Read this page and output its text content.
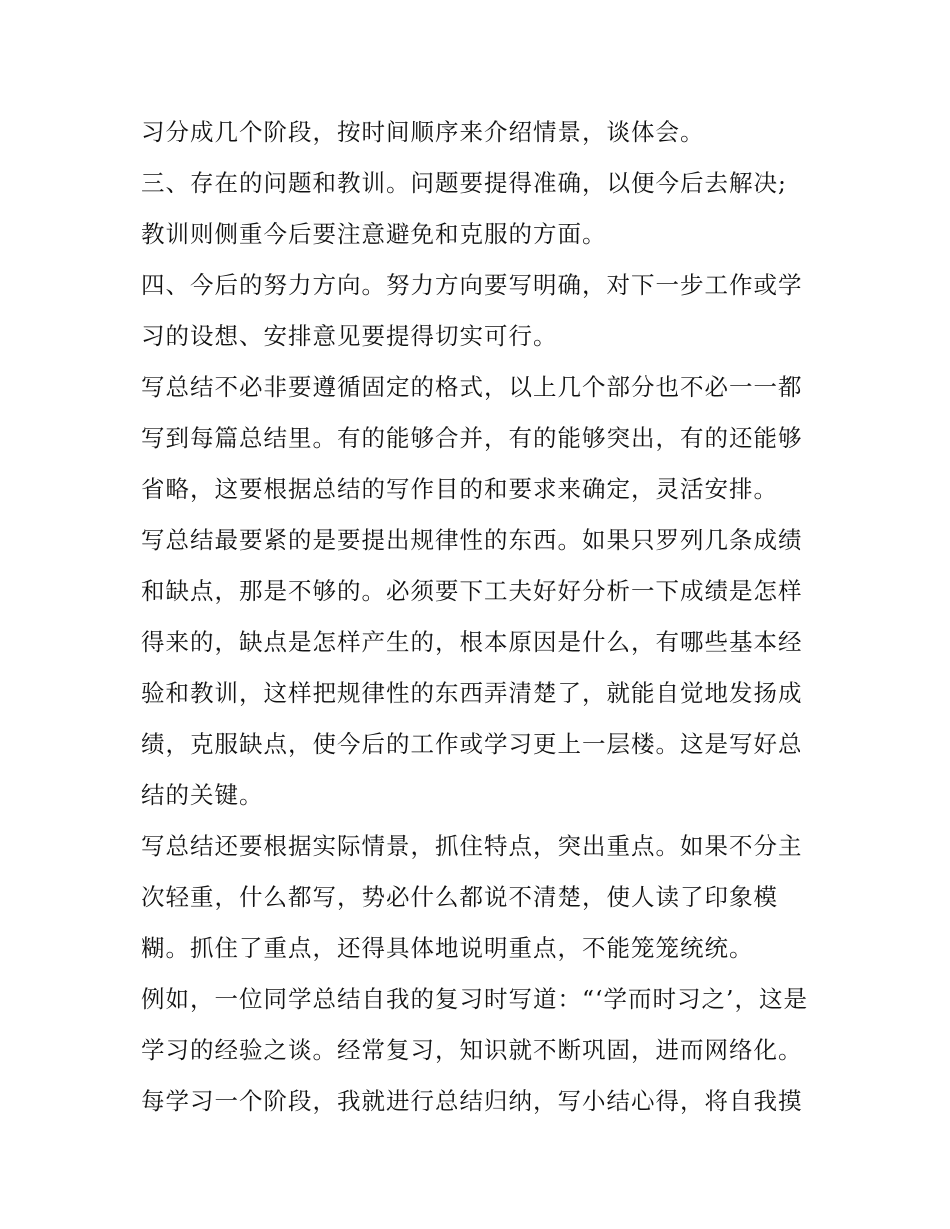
习分成几个阶段，按时间顺序来介绍情景，谈体会。
三、存在的问题和教训。问题要提得准确，以便今后去解决;
教训则侧重今后要注意避免和克服的方面。
四、今后的努力方向。努力方向要写明确，对下一步工作或学
习的设想、安排意见要提得切实可行。
写总结不必非要遵循固定的格式，以上几个部分也不必一一都
写到每篇总结里。有的能够合并，有的能够突出，有的还能够
省略，这要根据总结的写作目的和要求来确定，灵活安排。
写总结最要紧的是要提出规律性的东西。如果只罗列几条成绩
和缺点，那是不够的。必须要下工夫好好分析一下成绩是怎样
得来的，缺点是怎样产生的，根本原因是什么，有哪些基本经
验和教训，这样把规律性的东西弄清楚了，就能自觉地发扬成
绩，克服缺点，使今后的工作或学习更上一层楼。这是写好总
结的关键。
写总结还要根据实际情景，抓住特点，突出重点。如果不分主
次轻重，什么都写，势必什么都说不清楚，使人读了印象模
糊。抓住了重点，还得具体地说明重点，不能笼笼统统。
例如，一位同学总结自我的复习时写道：“‘学而时习之’，这是
学习的经验之谈。经常复习，知识就不断巩固，进而网络化。
每学习一个阶段，我就进行总结归纳，写小结心得，将自我摸
